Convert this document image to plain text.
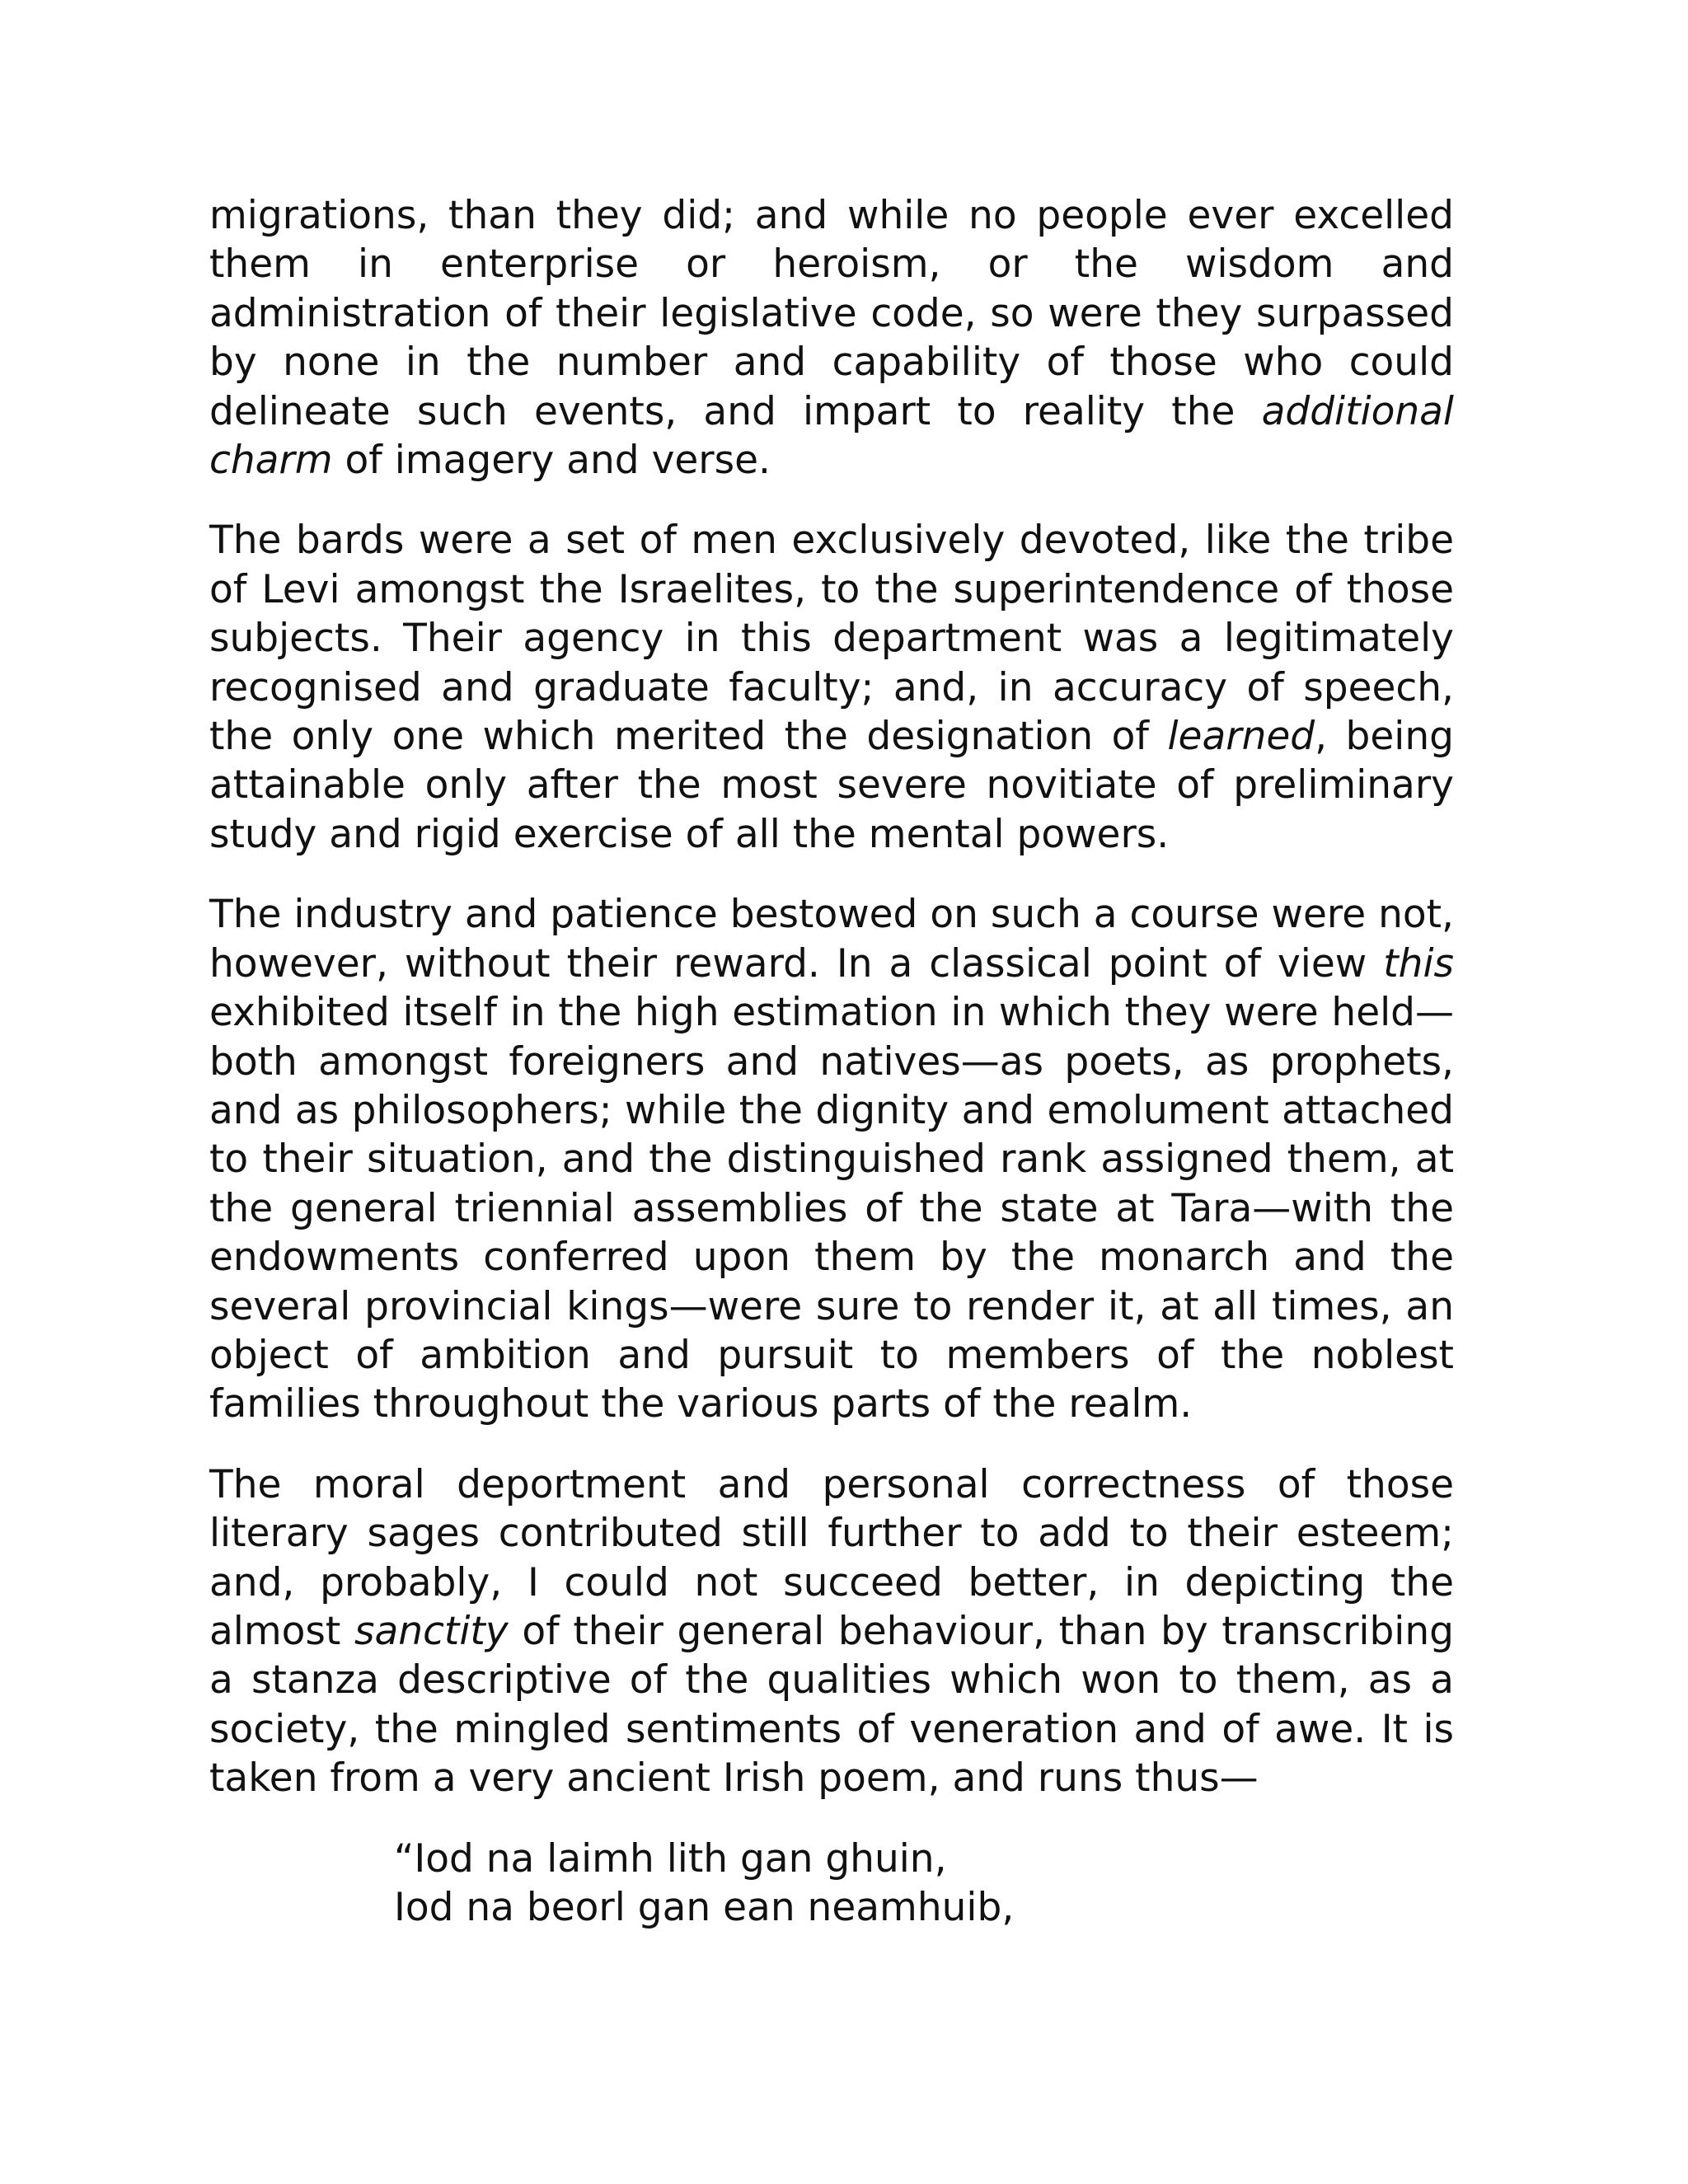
migrations, than they did; and while no people ever excelled them in enterprise or heroism, or the wisdom and administration of their legislative code, so were they surpassed by none in the number and capability of those who could delineate such events, and impart to reality the additional charm of imagery and verse.

The bards were a set of men exclusively devoted, like the tribe of Levi amongst the Israelites, to the superintendence of those subjects. Their agency in this department was a legitimately recognised and graduate faculty; and, in accuracy of speech, the only one which merited the designation of learned, being attainable only after the most severe novitiate of preliminary study and rigid exercise of all the mental powers.

The industry and patience bestowed on such a course were not, however, without their reward. In a classical point of view this exhibited itself in the high estimation in which they were held—both amongst foreigners and natives—as poets, as prophets, and as philosophers; while the dignity and emolument attached to their situation, and the distinguished rank assigned them, at the general triennial assemblies of the state at Tara—with the endowments conferred upon them by the monarch and the several provincial kings—were sure to render it, at all times, an object of ambition and pursuit to members of the noblest families throughout the various parts of the realm.

The moral deportment and personal correctness of those literary sages contributed still further to add to their esteem; and, probably, I could not succeed better, in depicting the almost sanctity of their general behaviour, than by transcribing a stanza descriptive of the qualities which won to them, as a society, the mingled sentiments of veneration and of awe. It is taken from a very ancient Irish poem, and runs thus—

“Iod na laimh lith gan ghuin,
Iod na beorl gan ean neamhuib,
